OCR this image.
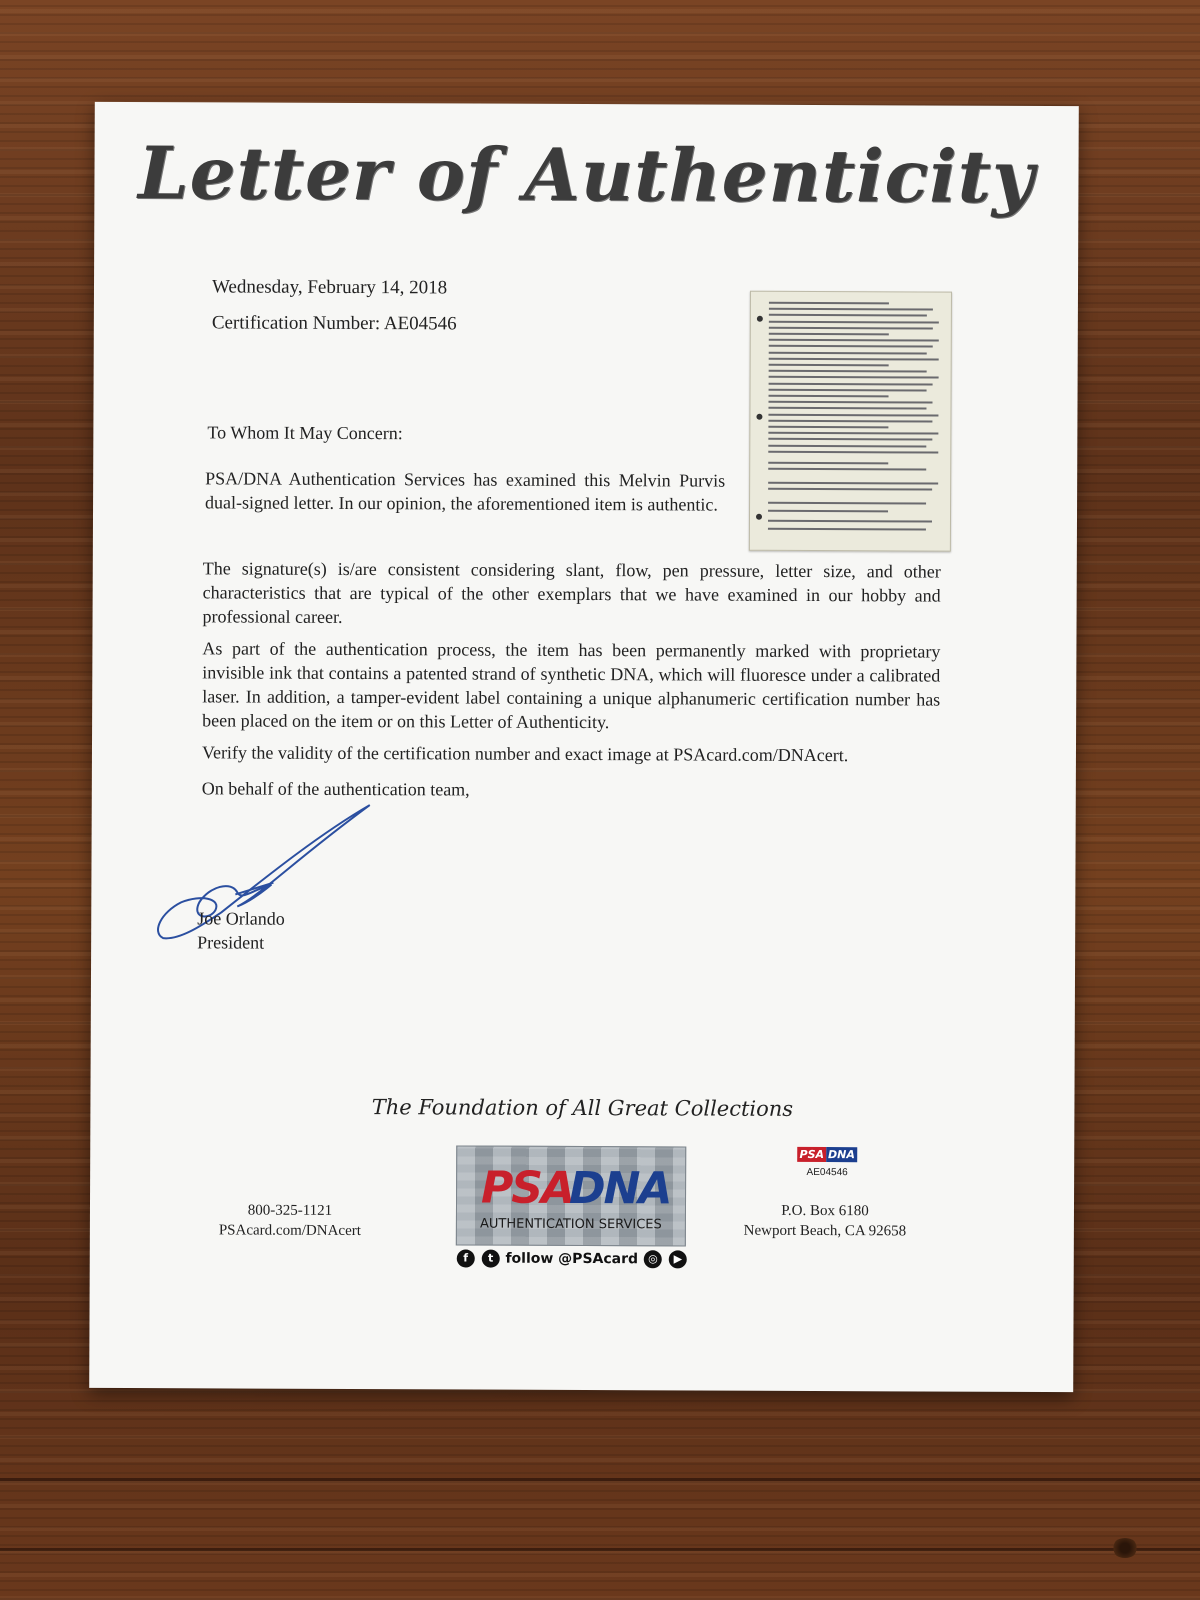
Letter of Authenticity
Wednesday, February 14, 2018
Certification Number: AE04546
To Whom It May Concern:
PSA/DNA Authentication Services has examined this Melvin Purvis dual-signed letter. In our opinion, the aforementioned item is authentic.
The signature(s) is/are consistent considering slant, flow, pen pressure, letter size, and other characteristics that are typical of the other exemplars that we have examined in our hobby and professional career.
As part of the authentication process, the item has been permanently marked with proprietary invisible ink that contains a patented strand of synthetic DNA, which will fluoresce under a calibrated laser. In addition, a tamper-evident label containing a unique alphanumeric certification number has been placed on the item or on this Letter of Authenticity.
Verify the validity of the certification number and exact image at PSAcard.com/DNAcert.
On behalf of the authentication team,
Joe Orlando
President
The Foundation of All Great Collections
800-325-1121
PSAcard.com/DNAcert
PSA
DNA
AUTHENTICATION SERVICES
f t follow @PSAcard ◎ ▶
PSA DNA
AE04546
P.O. Box 6180
Newport Beach, CA 92658
